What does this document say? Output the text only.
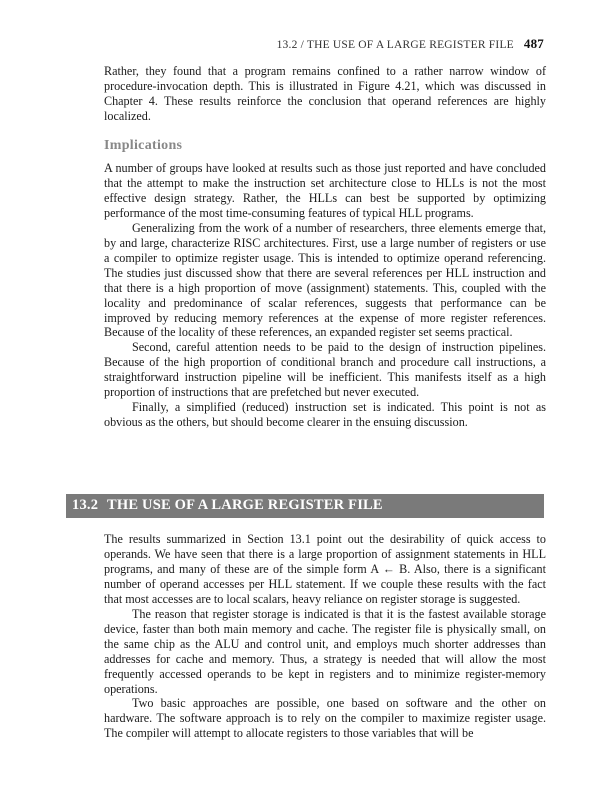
13.2 / THE USE OF A LARGE REGISTER FILE 487

Rather, they found that a program remains confined to a rather narrow window of procedure-invocation depth. This is illustrated in Figure 4.21, which was discussed in Chapter 4. These results reinforce the conclusion that operand references are highly localized.

Implications

A number of groups have looked at results such as those just reported and have concluded that the attempt to make the instruction set architecture close to HLLs is not the most effective design strategy. Rather, the HLLs can best be supported by optimizing performance of the most time-consuming features of typical HLL programs.

Generalizing from the work of a number of researchers, three elements emerge that, by and large, characterize RISC architectures. First, use a large number of registers or use a compiler to optimize register usage. This is intended to optimize operand referencing. The studies just discussed show that there are several references per HLL instruction and that there is a high proportion of move (assignment) statements. This, coupled with the locality and predominance of scalar references, suggests that performance can be improved by reducing memory references at the expense of more register references. Because of the locality of these references, an expanded register set seems practical.

Second, careful attention needs to be paid to the design of instruction pipelines. Because of the high proportion of conditional branch and procedure call instructions, a straightforward instruction pipeline will be inefficient. This manifests itself as a high proportion of instructions that are prefetched but never executed.

Finally, a simplified (reduced) instruction set is indicated. This point is not as obvious as the others, but should become clearer in the ensuing discussion.

13.2 THE USE OF A LARGE REGISTER FILE

The results summarized in Section 13.1 point out the desirability of quick access to operands. We have seen that there is a large proportion of assignment statements in HLL programs, and many of these are of the simple form A ← B. Also, there is a significant number of operand accesses per HLL statement. If we couple these results with the fact that most accesses are to local scalars, heavy reliance on register storage is suggested.

The reason that register storage is indicated is that it is the fastest available storage device, faster than both main memory and cache. The register file is physically small, on the same chip as the ALU and control unit, and employs much shorter addresses than addresses for cache and memory. Thus, a strategy is needed that will allow the most frequently accessed operands to be kept in registers and to minimize register-memory operations.

Two basic approaches are possible, one based on software and the other on hardware. The software approach is to rely on the compiler to maximize register usage. The compiler will attempt to allocate registers to those variables that will be
